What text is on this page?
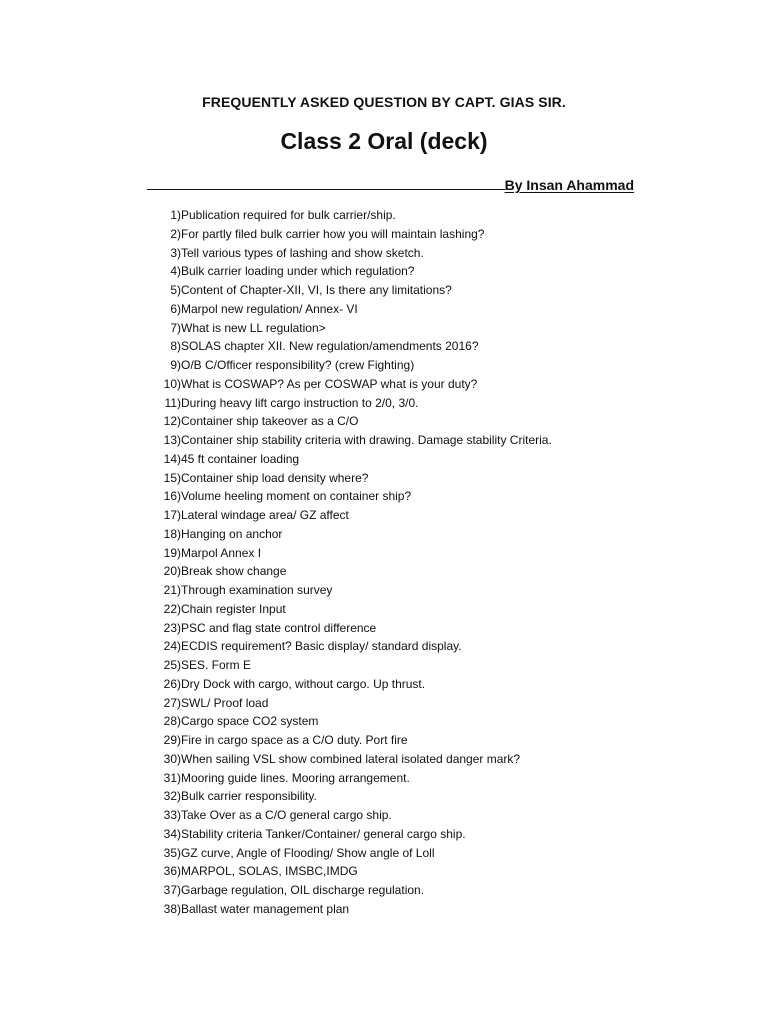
FREQUENTLY ASKED QUESTION BY CAPT. GIAS SIR.
Class 2 Oral (deck)
By Insan Ahammad
1) Publication required for bulk carrier/ship.
2) For partly filed bulk carrier how you will maintain lashing?
3) Tell various types of lashing and show sketch.
4) Bulk carrier loading under which regulation?
5) Content of Chapter-XII, VI, Is there any limitations?
6) Marpol new regulation/ Annex- VI
7) What is new LL regulation>
8) SOLAS chapter XII. New regulation/amendments 2016?
9) O/B C/Officer responsibility? (crew Fighting)
10) What is COSWAP? As per COSWAP what is your duty?
11) During heavy lift cargo instruction to 2/0, 3/0.
12) Container ship takeover as a C/O
13) Container ship stability criteria with drawing. Damage stability Criteria.
14) 45 ft container loading
15) Container ship load density where?
16) Volume heeling moment on container ship?
17) Lateral windage area/ GZ affect
18) Hanging on anchor
19) Marpol Annex I
20) Break show change
21) Through examination survey
22) Chain register Input
23) PSC and flag state control difference
24) ECDIS requirement? Basic display/ standard display.
25) SES. Form E
26) Dry Dock with cargo, without cargo. Up thrust.
27) SWL/ Proof load
28) Cargo space CO2 system
29) Fire in cargo space as a C/O duty. Port fire
30) When sailing VSL show combined lateral isolated danger mark?
31) Mooring guide lines. Mooring arrangement.
32) Bulk carrier responsibility.
33) Take Over as a C/O general cargo ship.
34) Stability criteria Tanker/Container/ general cargo ship.
35) GZ curve, Angle of Flooding/ Show angle of Loll
36) MARPOL, SOLAS, IMSBC,IMDG
37) Garbage regulation, OIL discharge regulation.
38) Ballast water management plan
